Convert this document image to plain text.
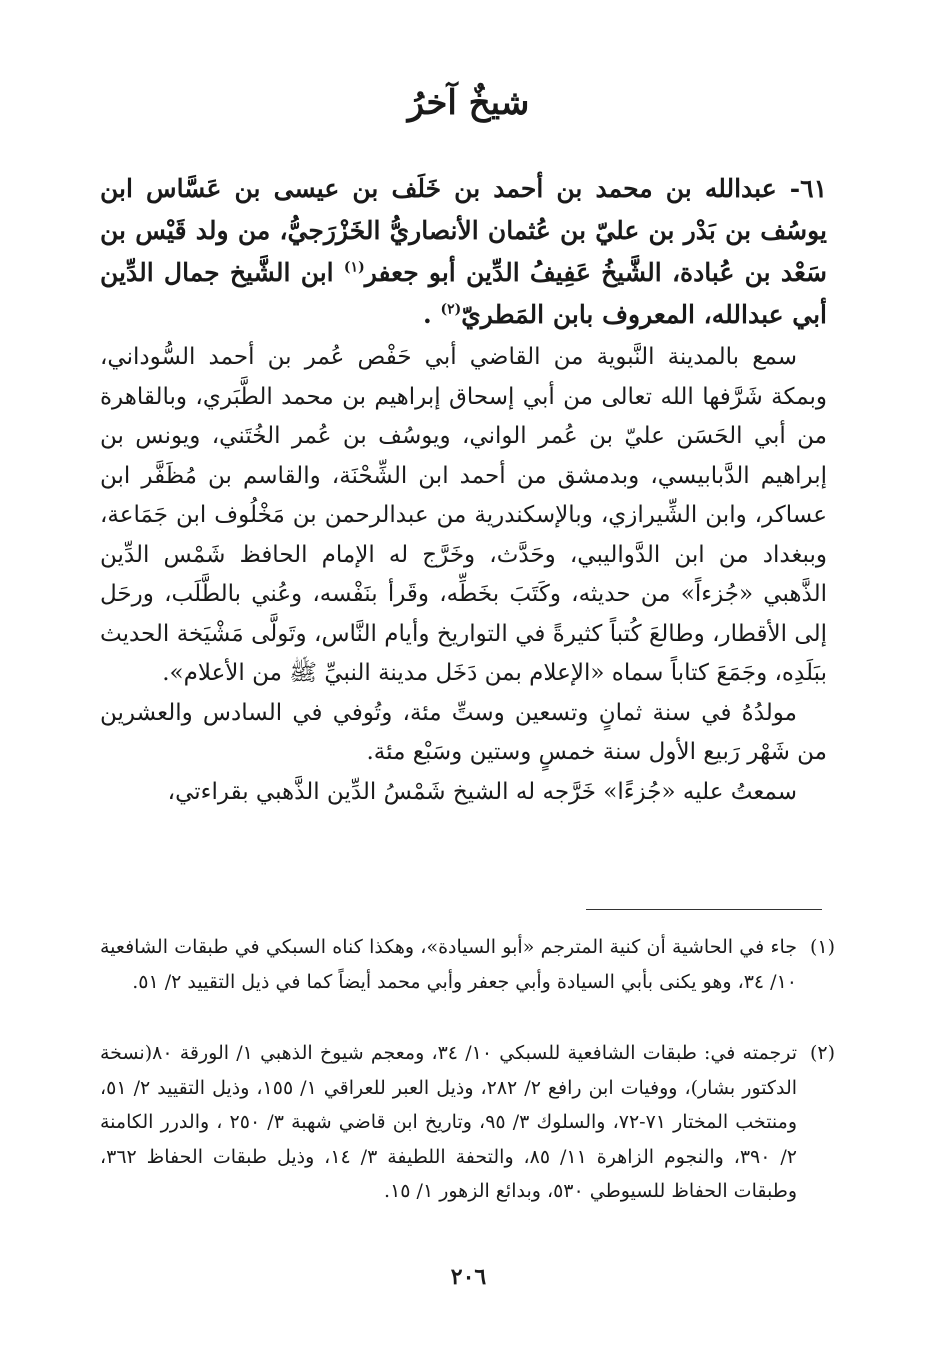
شيخٌ آخرُ
٦١- عبدالله بن محمد بن أحمد بن خَلَف بن عيسى بن عَسَّاس ابن يوسُف بن بَدْر بن عليّ بن عُثمان الأنصاريُّ الخَزْرَجيُّ، من ولد قَيْس بن سَعْد بن عُبادة، الشَّيخُ عَفِيفُ الدِّين أبو جعفر$^{(١)}$ ابن الشَّيخ جمال الدِّين أبي عبدالله، المعروف بابن المَطريّ$^{(٢)}$ .

سمع بالمدينة النَّبوية من القاضي أبي حَفْص عُمر بن أحمد السُّوداني، وبمكة شَرَّفها الله تعالى من أبي إسحاق إبراهيم بن محمد الطَّبَري، وبالقاهرة من أبي الحَسَن عليّ بن عُمر الواني، ويوسُف بن عُمر الخُتَني، ويونس بن إبراهيم الدَّبابيسي، وبدمشق من أحمد ابن الشِّحْنَة، والقاسم بن مُظَفَّر ابن عساكر، وابن الشِّيرازي، وبالإسكندرية من عبدالرحمن بن مَخْلُوف ابن جَمَاعة، وببغداد من ابن الدَّواليبي، وحَدَّث، وخَرَّج له الإمام الحافظ شَمْس الدِّين الذَّهبي «جُزءاً» من حديثه، وكَتَبَ بخَطِّه، وقَرأ بنَفْسه، وعُني بالطَّلَب، ورحَل إلى الأقطار، وطالعَ كُتباً كثيرةً في التواريخ وأيام النَّاس، وتَولَّى مَشْيَخة الحديث ببَلَدِه، وجَمَعَ كتاباً سماه «الإعلام بمن دَخَل مدينة النبيِّ ﷺ من الأعلام».

مولدُهُ في سنة ثمانٍ وتسعين وستِّ مئة، وتُوفي في السادس والعشرين من شَهْر رَبيع الأول سنة خمسٍ وستين وسَبْع مئة.

سمعتُ عليه «جُزءًا» خَرَّجه له الشيخ شَمْسُ الدِّين الذَّهبي بقراءتي،

(١)
جاء في الحاشية أن كنية المترجم «أبو السيادة»، وهكذا كناه السبكي في طبقات الشافعية ١٠/ ٣٤، وهو يكنى بأبي السيادة وأبي جعفر وأبي محمد أيضاً كما في ذيل التقييد ٢/ ٥١.
(٢)
ترجمته في: طبقات الشافعية للسبكي ١٠/ ٣٤، ومعجم شيوخ الذهبي ١/ الورقة ٨٠(نسخة الدكتور بشار)، ووفيات ابن رافع ٢/ ٢٨٢، وذيل العبر للعراقي ١/ ١٥٥، وذيل التقييد ٢/ ٥١، ومنتخب المختار ٧١-٧٢، والسلوك ٣/ ٩٥، وتاريخ ابن قاضي شهبة ٣/ ٢٥٠ ، والدرر الكامنة ٢/ ٣٩٠، والنجوم الزاهرة ١١/ ٨٥، والتحفة اللطيفة ٣/ ١٤، وذيل طبقات الحفاظ ٣٦٢، وطبقات الحفاظ للسيوطي ٥٣٠، وبدائع الزهور ١/ ١٥.
٢٠٦
